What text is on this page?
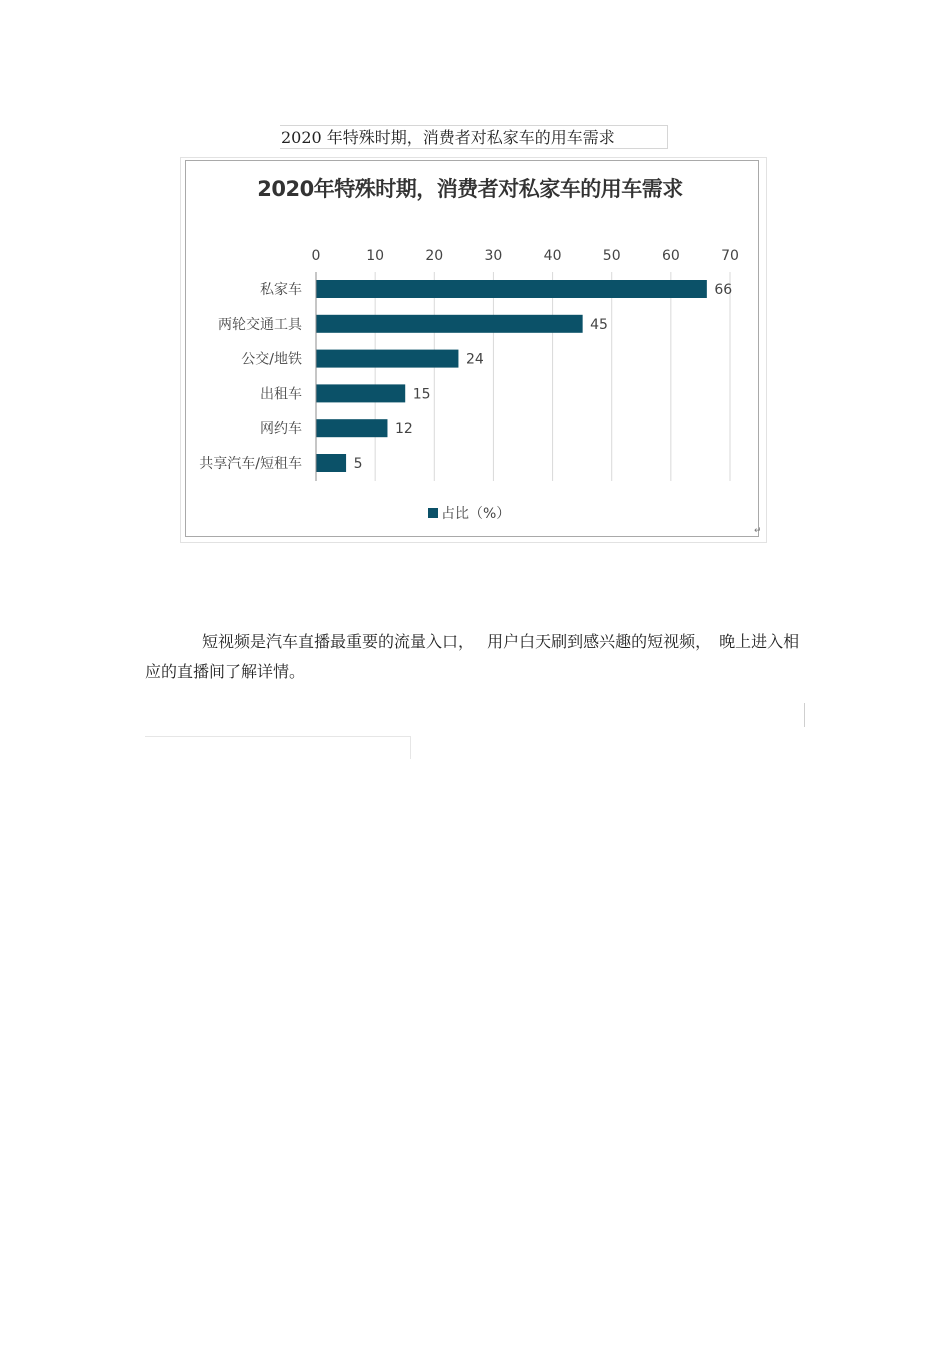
2020 年特殊时期，消费者对私家车的用车需求
2020年特殊时期，消费者对私家车的用车需求
0	10	20	30	40	50	60	70
私家车	66
两轮交通工具	45
公交/地铁	24
出租车	15
网约车	12
共享汽车/短租车	5
占比（%）
↵
短视频是汽车直播最重要的流量入口，　 用户白天刷到感兴趣的短视频，　晚上进入相应的直播间了解详情。
